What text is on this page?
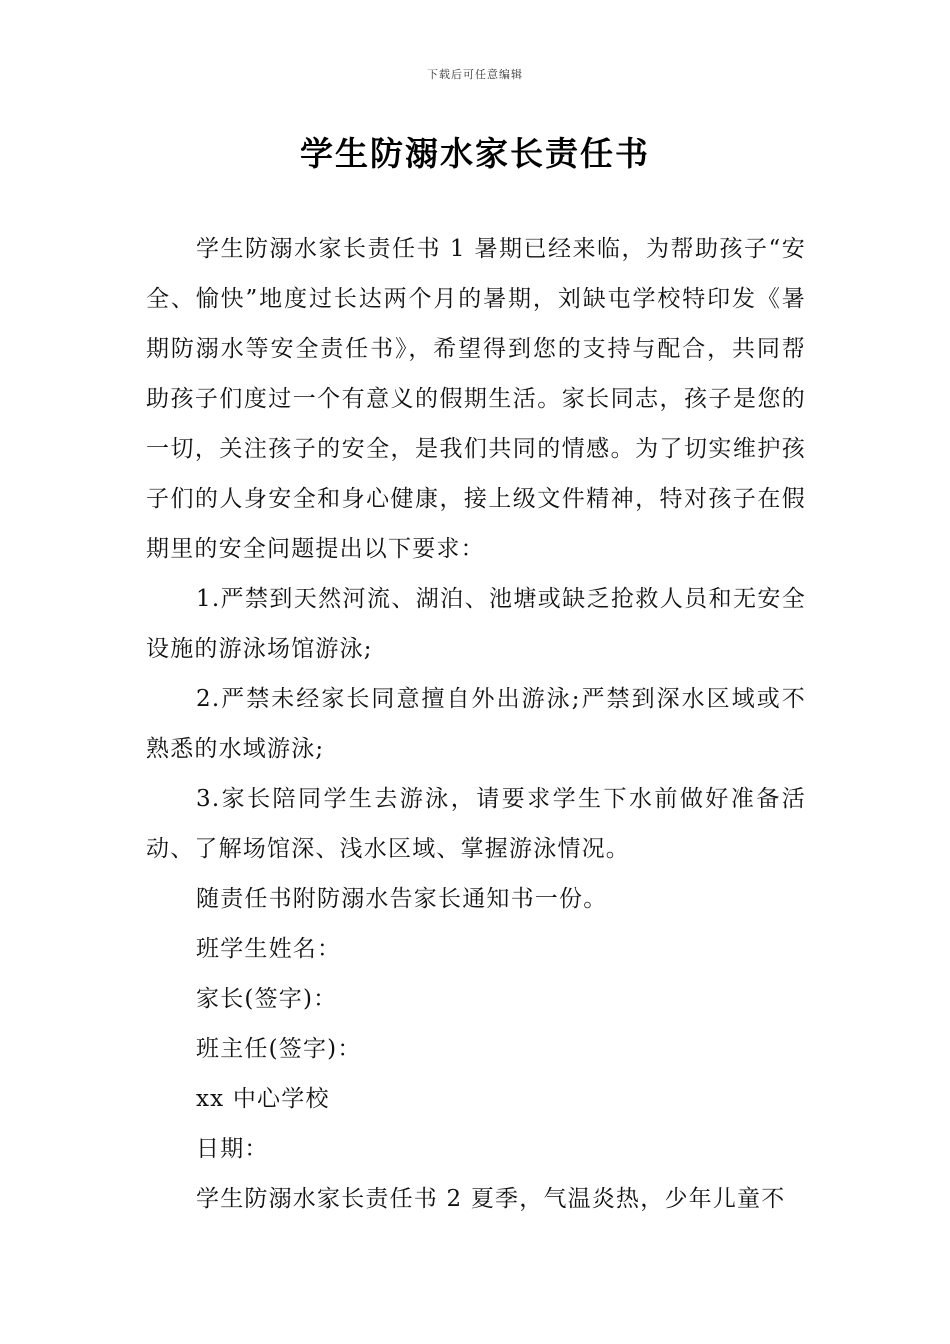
下载后可任意编辑
学生防溺水家长责任书

学生防溺水家长责任书 1 暑期已经来临，为帮助孩子“安全、愉快”地度过长达两个月的暑期，刘缺屯学校特印发《暑期防溺水等安全责任书》，希望得到您的支持与配合，共同帮助孩子们度过一个有意义的假期生活。家长同志，孩子是您的一切，关注孩子的安全，是我们共同的情感。为了切实维护孩子们的人身安全和身心健康，接上级文件精神，特对孩子在假期里的安全问题提出以下要求：

1.严禁到天然河流、湖泊、池塘或缺乏抢救人员和无安全设施的游泳场馆游泳;

2.严禁未经家长同意擅自外出游泳;严禁到深水区域或不熟悉的水域游泳;

3.家长陪同学生去游泳，请要求学生下水前做好准备活动、了解场馆深、浅水区域、掌握游泳情况。

随责任书附防溺水告家长通知书一份。

班学生姓名：

家长(签字)：

班主任(签字)：

xx 中心学校

日期：

学生防溺水家长责任书 2 夏季，气温炎热，少年儿童不
